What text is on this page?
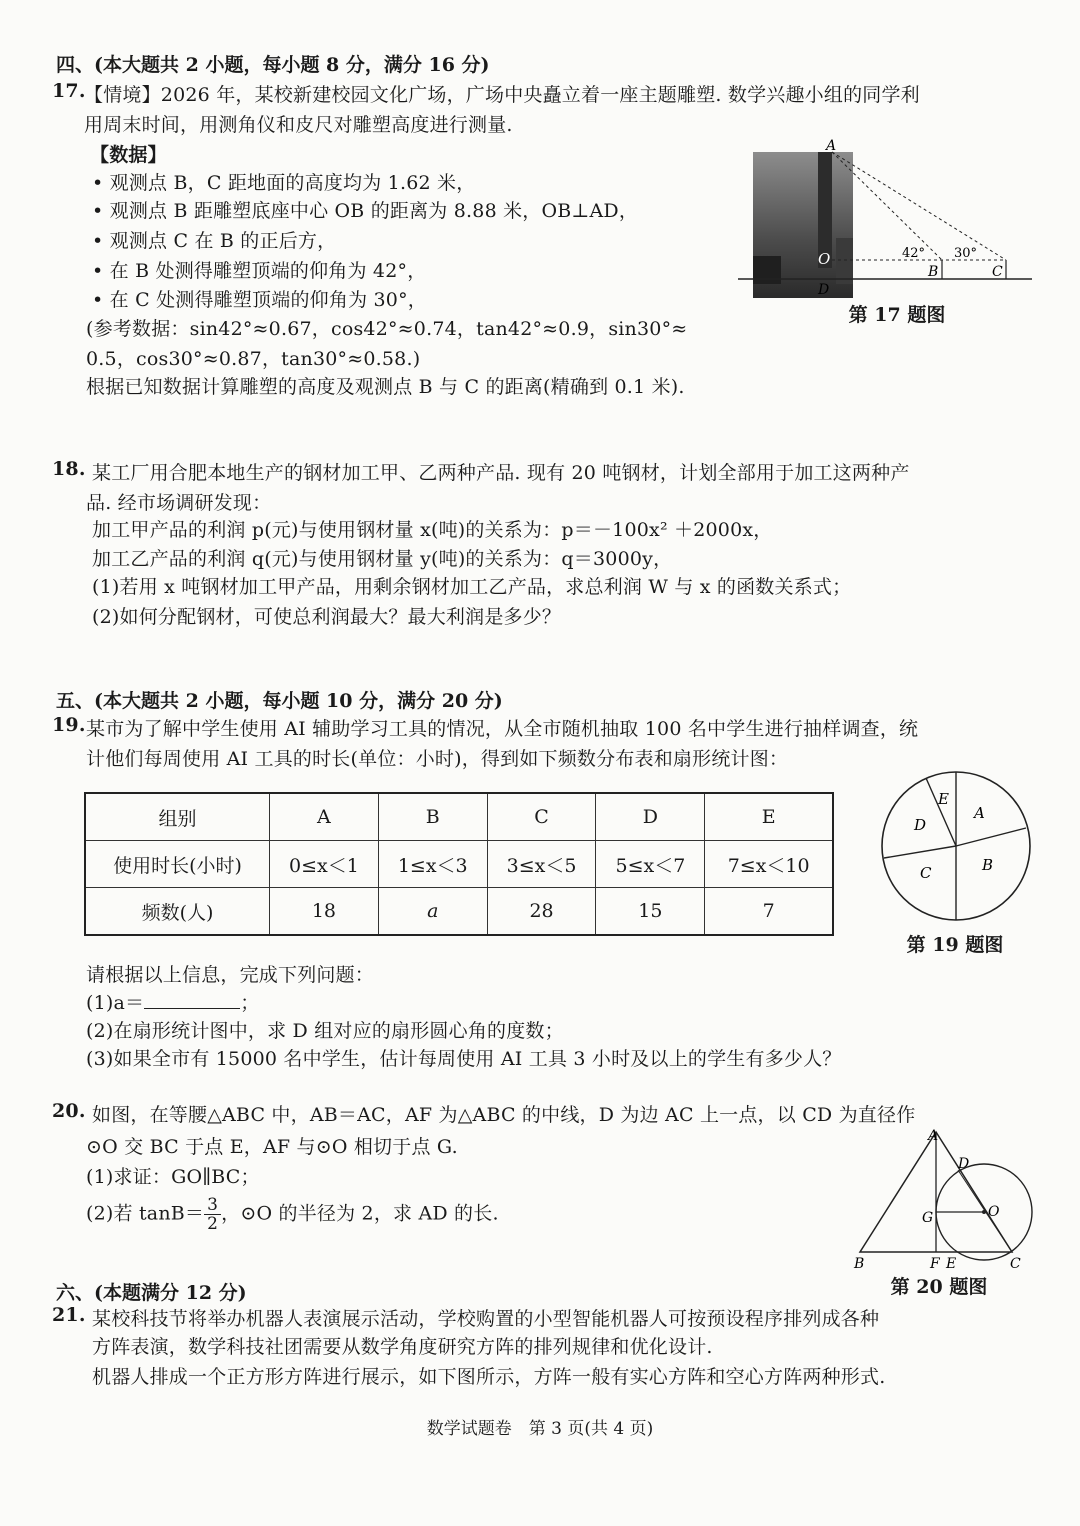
四、(本大题共 2 小题，每小题 8 分，满分 16 分)
17.
【情境】2026 年，某校新建校园文化广场，广场中央矗立着一座主题雕塑. 数学兴趣小组的同学利
用周末时间，用测角仪和皮尺对雕塑高度进行测量.
【数据】
• 观测点 B，C 距地面的高度均为 1.62 米，
• 观测点 B 距雕塑底座中心 OB 的距离为 8.88 米，OB⊥AD，
• 观测点 C 在 B 的正后方，
• 在 B 处测得雕塑顶端的仰角为 42°，
• 在 C 处测得雕塑顶端的仰角为 30°，
(参考数据：sin42°≈0.67，cos42°≈0.74，tan42°≈0.9，sin30°≈
0.5，cos30°≈0.87，tan30°≈0.58.)
根据已知数据计算雕塑的高度及观测点 B 与 C 的距离(精确到 0.1 米).
A
O
D
B	C
42° 30°
第 17 题图
18. 某工厂用合肥本地生产的钢材加工甲、乙两种产品. 现有 20 吨钢材，计划全部用于加工这两种产
品. 经市场调研发现：
加工甲产品的利润 p(元)与使用钢材量 x(吨)的关系为：p＝－100x² ＋2000x，
加工乙产品的利润 q(元)与使用钢材量 y(吨)的关系为：q＝3000y，
(1)若用 x 吨钢材加工甲产品，用剩余钢材加工乙产品，求总利润 W 与 x 的函数关系式；
(2)如何分配钢材，可使总利润最大？最大利润是多少？
五、(本大题共 2 小题，每小题 10 分，满分 20 分)
19. 某市为了解中学生使用 AI 辅助学习工具的情况，从全市随机抽取 100 名中学生进行抽样调查，统
计他们每周使用 AI 工具的时长(单位：小时)，得到如下频数分布表和扇形统计图：
组别	A	B	C	D	E
使用时长(小时)	0≤x＜1	1≤x＜3	3≤x＜5	5≤x＜7	7≤x＜10
频数(人)	18	a	28	15	7
E
A
B
C
D
第 19 题图
请根据以上信息，完成下列问题：
(1)a＝	；
(2)在扇形统计图中，求 D 组对应的扇形圆心角的度数；
(3)如果全市有 15000 名中学生，估计每周使用 AI 工具 3 小时及以上的学生有多少人？
20. 如图，在等腰△ABC 中，AB＝AC，AF 为△ABC 的中线，D 为边 AC 上一点，以 CD 为直径作
⊙O 交 BC 于点 E，AF 与⊙O 相切于点 G.
(1)求证：GO∥BC；
(2)若 $\tan B= \frac{3}{2}$ ，⊙O 的半径为 2，求 AD 的长.
A
D
G	O
B	F E	C
第 20 题图
六、(本题满分 12 分)
21. 某校科技节将举办机器人表演展示活动，学校购置的小型智能机器人可按预设程序排列成各种
方阵表演，数学科技社团需要从数学角度研究方阵的排列规律和优化设计.
机器人排成一个正方形方阵进行展示，如下图所示，方阵一般有实心方阵和空心方阵两种形式.
数学试题卷　第 3 页(共 4 页)
